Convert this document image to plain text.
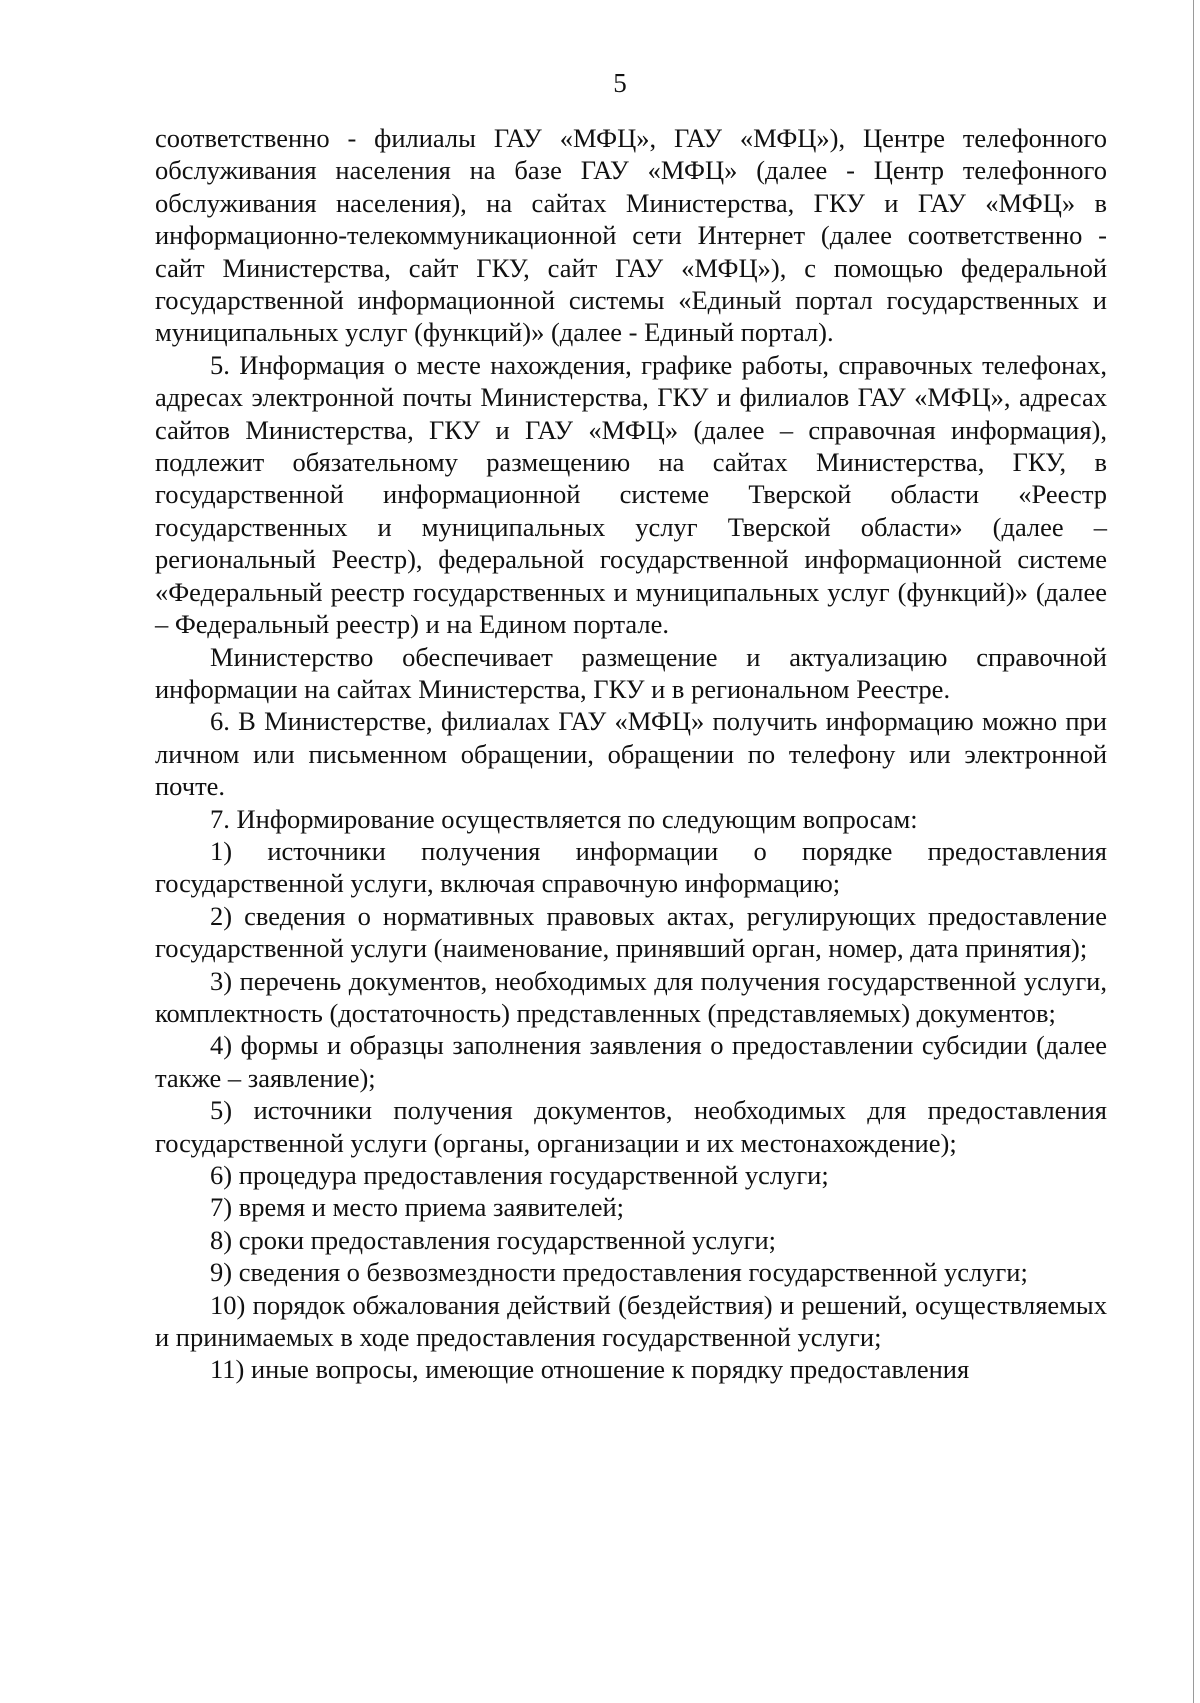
5

соответственно - филиалы ГАУ «МФЦ», ГАУ «МФЦ»), Центре телефонного обслуживания населения на базе ГАУ «МФЦ» (далее - Центр телефонного обслуживания населения), на сайтах Министерства, ГКУ и ГАУ «МФЦ» в информационно-телекоммуникационной сети Интернет (далее соответственно - сайт Министерства, сайт ГКУ, сайт ГАУ «МФЦ»), с помощью федеральной государственной информационной системы «Единый портал государственных и муниципальных услуг (функций)» (далее - Единый портал).

5. Информация о месте нахождения, графике работы, справочных телефонах, адресах электронной почты Министерства, ГКУ и филиалов ГАУ «МФЦ», адресах сайтов Министерства, ГКУ и ГАУ «МФЦ» (далее – справочная информация), подлежит обязательному размещению на сайтах Министерства, ГКУ, в государственной информационной системе Тверской области «Реестр государственных и муниципальных услуг Тверской области» (далее – региональный Реестр), федеральной государственной информационной системе «Федеральный реестр государственных и муниципальных услуг (функций)» (далее – Федеральный реестр) и на Едином портале.

Министерство обеспечивает размещение и актуализацию справочной информации на сайтах Министерства, ГКУ и в региональном Реестре.

6. В Министерстве, филиалах ГАУ «МФЦ» получить информацию можно при личном или письменном обращении, обращении по телефону или электронной почте.

7. Информирование осуществляется по следующим вопросам:

1) источники получения информации о порядке предоставления государственной услуги, включая справочную информацию;

2) сведения о нормативных правовых актах, регулирующих предоставление государственной услуги (наименование, принявший орган, номер, дата принятия);

3) перечень документов, необходимых для получения государственной услуги, комплектность (достаточность) представленных (представляемых) документов;

4) формы и образцы заполнения заявления о предоставлении субсидии (далее также – заявление);

5) источники получения документов, необходимых для предоставления государственной услуги (органы, организации и их местонахождение);

6) процедура предоставления государственной услуги;

7) время и место приема заявителей;

8) сроки предоставления государственной услуги;

9) сведения о безвозмездности предоставления государственной услуги;

10) порядок обжалования действий (бездействия) и решений, осуществляемых и принимаемых в ходе предоставления государственной услуги;

11) иные вопросы, имеющие отношение к порядку предоставления
